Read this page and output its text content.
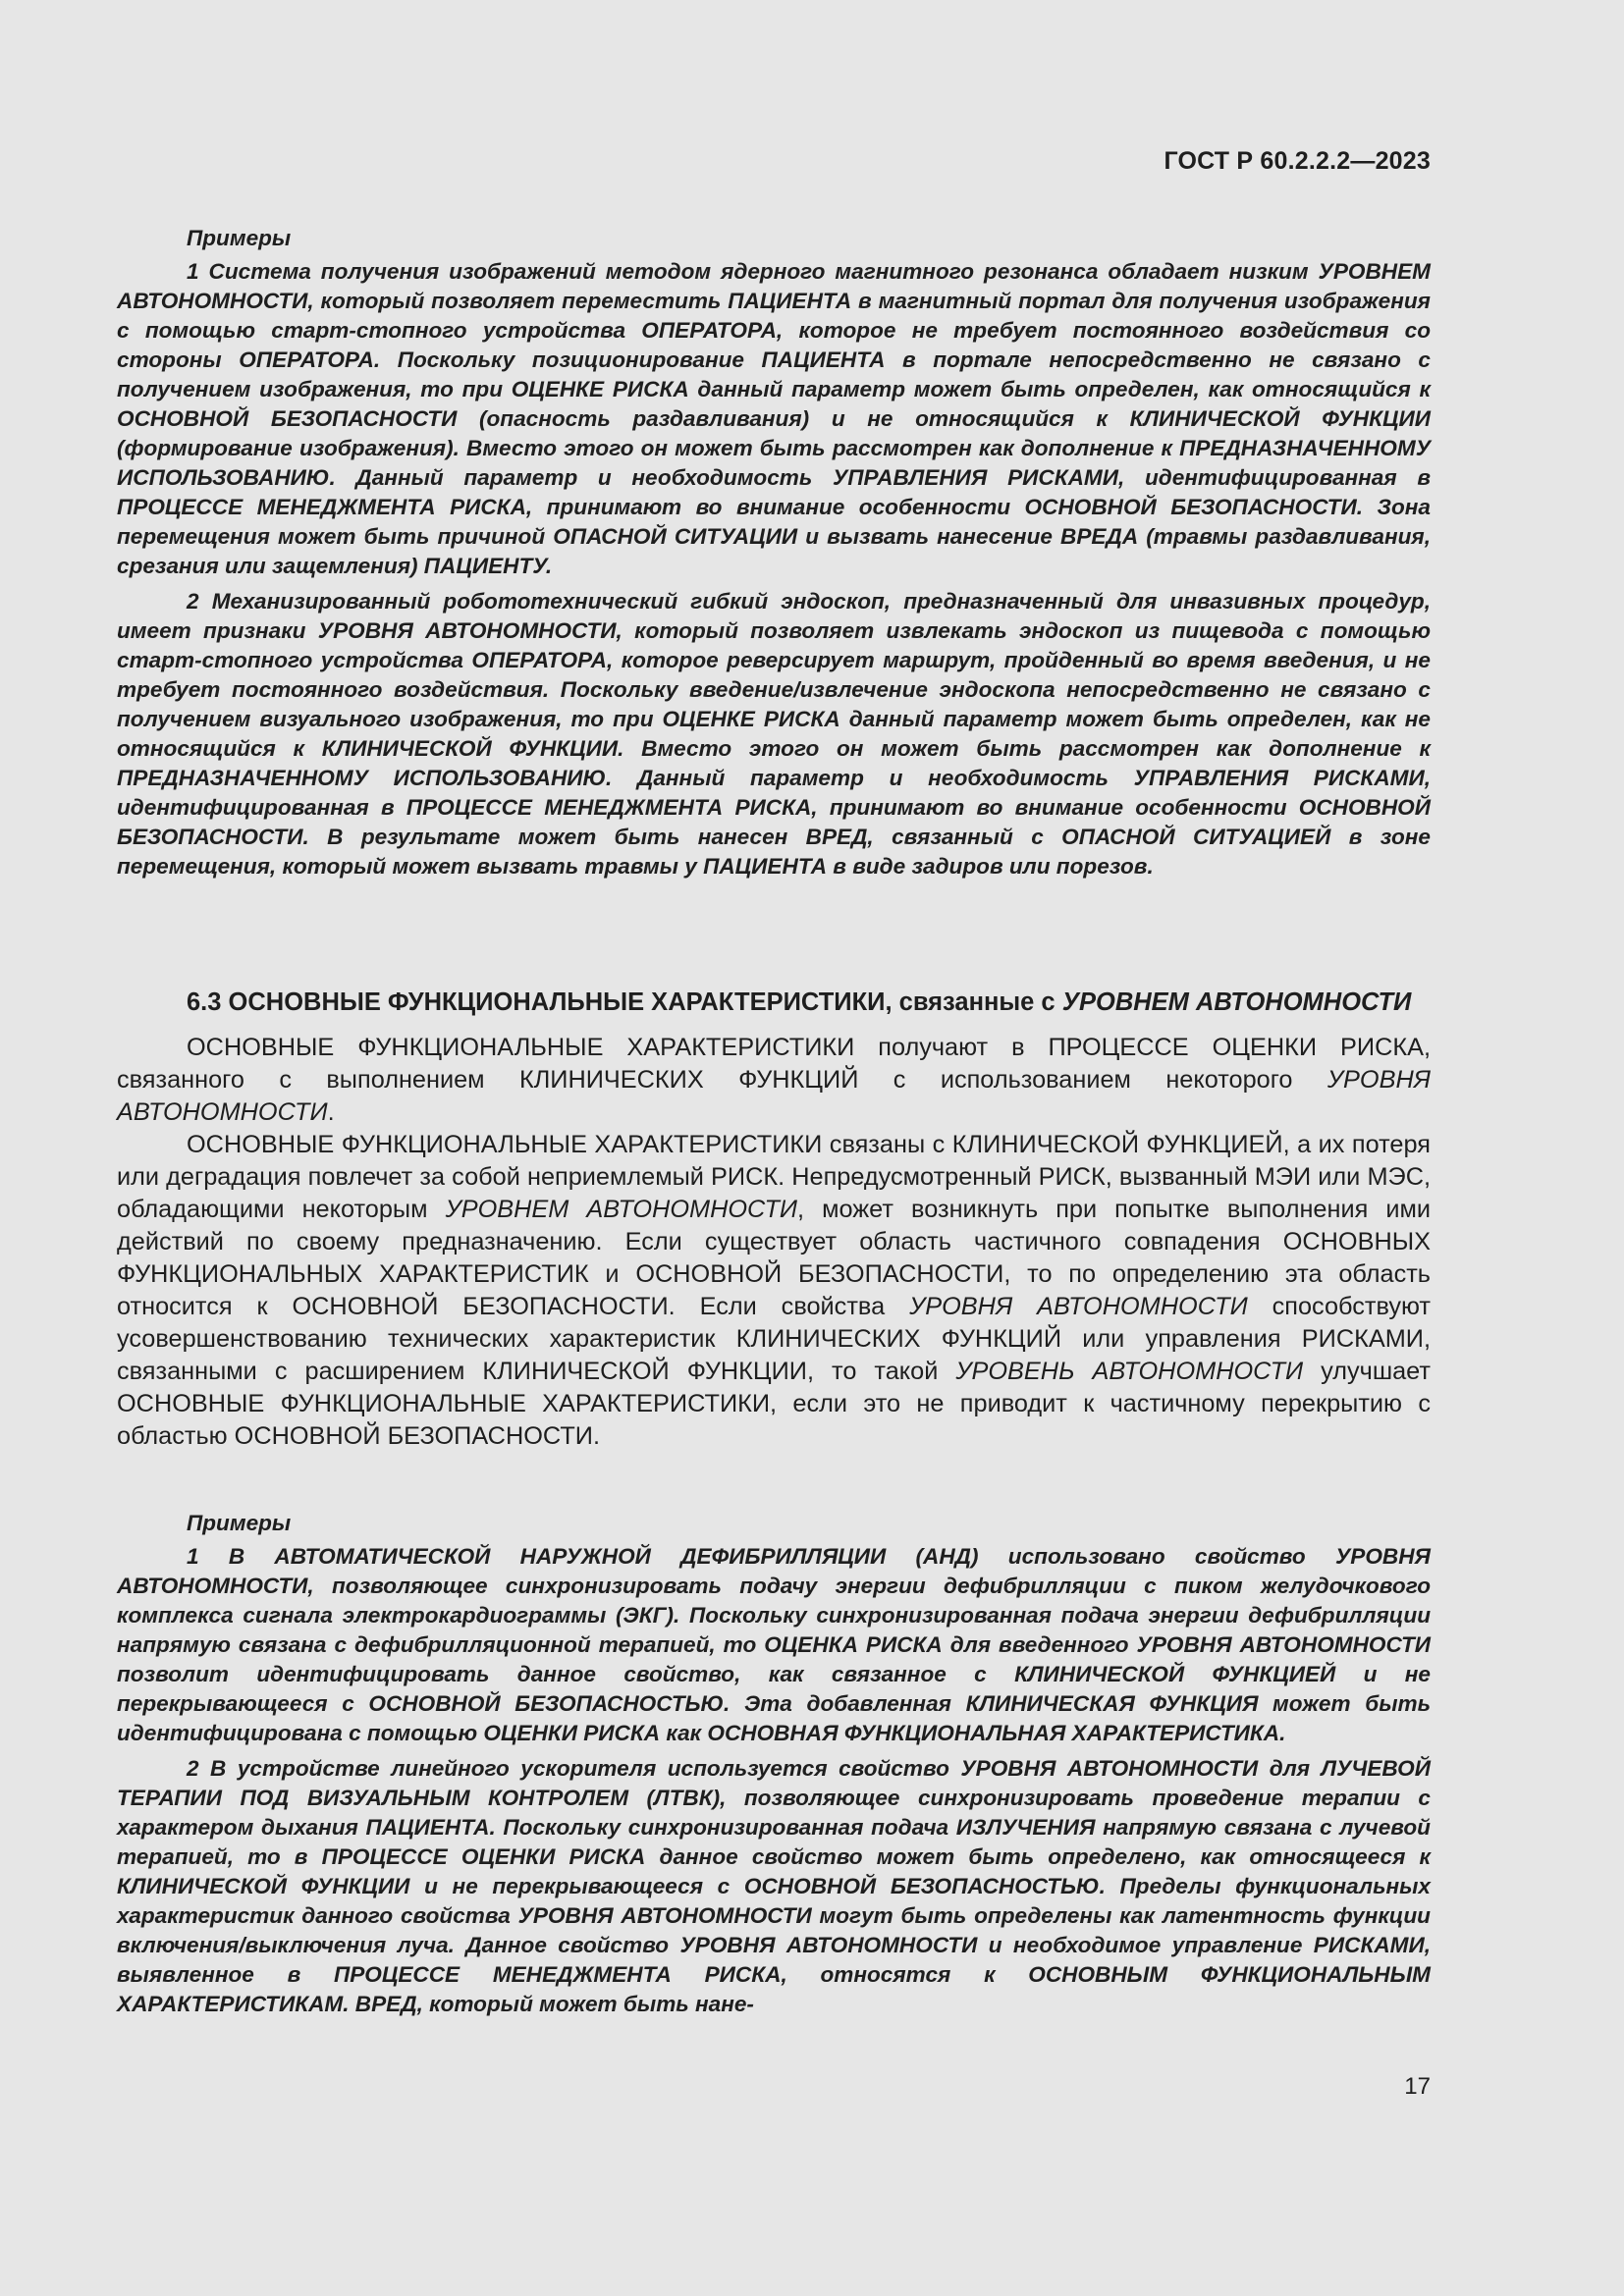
ГОСТ Р 60.2.2.2—2023
Примеры

1 Система получения изображений методом ядерного магнитного резонанса обладает низким УРОВНЕМ АВТОНОМНОСТИ, который позволяет переместить ПАЦИЕНТА в магнитный портал для получения изображения с помощью старт-стопного устройства ОПЕРАТОРА, которое не требует постоянного воздействия со стороны ОПЕРАТОРА. Поскольку позиционирование ПАЦИЕНТА в портале непосредственно не связано с получением изображения, то при ОЦЕНКЕ РИСКА данный параметр может быть определен, как относящийся к ОСНОВНОЙ БЕЗОПАСНОСТИ (опасность раздавливания) и не относящийся к КЛИНИЧЕСКОЙ ФУНКЦИИ (формирование изображения). Вместо этого он может быть рассмотрен как дополнение к ПРЕДНАЗНАЧЕННОМУ ИСПОЛЬЗОВАНИЮ. Данный параметр и необходимость УПРАВЛЕНИЯ РИСКАМИ, идентифицированная в ПРОЦЕССЕ МЕНЕДЖМЕНТА РИСКА, принимают во внимание особенности ОСНОВНОЙ БЕЗОПАСНОСТИ. Зона перемещения может быть причиной ОПАСНОЙ СИТУАЦИИ и вызвать нанесение ВРЕДА (травмы раздавливания, срезания или защемления) ПАЦИЕНТУ.

2 Механизированный робототехнический гибкий эндоскоп, предназначенный для инвазивных процедур, имеет признаки УРОВНЯ АВТОНОМНОСТИ, который позволяет извлекать эндоскоп из пищевода с помощью старт-стопного устройства ОПЕРАТОРА, которое реверсирует маршрут, пройденный во время введения, и не требует постоянного воздействия. Поскольку введение/извлечение эндоскопа непосредственно не связано с получением визуального изображения, то при ОЦЕНКЕ РИСКА данный параметр может быть определен, как не относящийся к КЛИНИЧЕСКОЙ ФУНКЦИИ. Вместо этого он может быть рассмотрен как дополнение к ПРЕДНАЗНАЧЕННОМУ ИСПОЛЬЗОВАНИЮ. Данный параметр и необходимость УПРАВЛЕНИЯ РИСКАМИ, идентифицированная в ПРОЦЕССЕ МЕНЕДЖМЕНТА РИСКА, принимают во внимание особенности ОСНОВНОЙ БЕЗОПАСНОСТИ. В результате может быть нанесен ВРЕД, связанный с ОПАСНОЙ СИТУАЦИЕЙ в зоне перемещения, который может вызвать травмы у ПАЦИЕНТА в виде задиров или порезов.

6.3 ОСНОВНЫЕ ФУНКЦИОНАЛЬНЫЕ ХАРАКТЕРИСТИКИ, связанные с УРОВНЕМ АВТОНОМНОСТИ

ОСНОВНЫЕ ФУНКЦИОНАЛЬНЫЕ ХАРАКТЕРИСТИКИ получают в ПРОЦЕССЕ ОЦЕНКИ РИСКА, связанного с выполнением КЛИНИЧЕСКИХ ФУНКЦИЙ с использованием некоторого УРОВНЯ АВТОНОМНОСТИ.

ОСНОВНЫЕ ФУНКЦИОНАЛЬНЫЕ ХАРАКТЕРИСТИКИ связаны с КЛИНИЧЕСКОЙ ФУНКЦИЕЙ, а их потеря или деградация повлечет за собой неприемлемый РИСК. Непредусмотренный РИСК, вызванный МЭИ или МЭС, обладающими некоторым УРОВНЕМ АВТОНОМНОСТИ, может возникнуть при попытке выполнения ими действий по своему предназначению. Если существует область частичного совпадения ОСНОВНЫХ ФУНКЦИОНАЛЬНЫХ ХАРАКТЕРИСТИК и ОСНОВНОЙ БЕЗОПАСНОСТИ, то по определению эта область относится к ОСНОВНОЙ БЕЗОПАСНОСТИ. Если свойства УРОВНЯ АВТОНОМНОСТИ способствуют усовершенствованию технических характеристик КЛИНИЧЕСКИХ ФУНКЦИЙ или управления РИСКАМИ, связанными с расширением КЛИНИЧЕСКОЙ ФУНКЦИИ, то такой УРОВЕНЬ АВТОНОМНОСТИ улучшает ОСНОВНЫЕ ФУНКЦИОНАЛЬНЫЕ ХАРАКТЕРИСТИКИ, если это не приводит к частичному перекрытию с областью ОСНОВНОЙ БЕЗОПАСНОСТИ.

Примеры

1 В АВТОМАТИЧЕСКОЙ НАРУЖНОЙ ДЕФИБРИЛЛЯЦИИ (АНД) использовано свойство УРОВНЯ АВТОНОМНОСТИ, позволяющее синхронизировать подачу энергии дефибрилляции с пиком желудочкового комплекса сигнала электрокардиограммы (ЭКГ). Поскольку синхронизированная подача энергии дефибрилляции напрямую связана с дефибрилляционной терапией, то ОЦЕНКА РИСКА для введенного УРОВНЯ АВТОНОМНОСТИ позволит идентифицировать данное свойство, как связанное с КЛИНИЧЕСКОЙ ФУНКЦИЕЙ и не перекрывающееся с ОСНОВНОЙ БЕЗОПАСНОСТЬЮ. Эта добавленная КЛИНИЧЕСКАЯ ФУНКЦИЯ может быть идентифицирована с помощью ОЦЕНКИ РИСКА как ОСНОВНАЯ ФУНКЦИОНАЛЬНАЯ ХАРАКТЕРИСТИКА.

2 В устройстве линейного ускорителя используется свойство УРОВНЯ АВТОНОМНОСТИ для ЛУЧЕВОЙ ТЕРАПИИ ПОД ВИЗУАЛЬНЫМ КОНТРОЛЕМ (ЛТВК), позволяющее синхронизировать проведение терапии с характером дыхания ПАЦИЕНТА. Поскольку синхронизированная подача ИЗЛУЧЕНИЯ напрямую связана с лучевой терапией, то в ПРОЦЕССЕ ОЦЕНКИ РИСКА данное свойство может быть определено, как относящееся к КЛИНИЧЕСКОЙ ФУНКЦИИ и не перекрывающееся с ОСНОВНОЙ БЕЗОПАСНОСТЬЮ. Пределы функциональных характеристик данного свойства УРОВНЯ АВТОНОМНОСТИ могут быть определены как латентность функции включения/выключения луча. Данное свойство УРОВНЯ АВТОНОМНОСТИ и необходимое управление РИСКАМИ, выявленное в ПРОЦЕССЕ МЕНЕДЖМЕНТА РИСКА, относятся к ОСНОВНЫМ ФУНКЦИОНАЛЬНЫМ ХАРАКТЕРИСТИКАМ. ВРЕД, который может быть нане-

17
